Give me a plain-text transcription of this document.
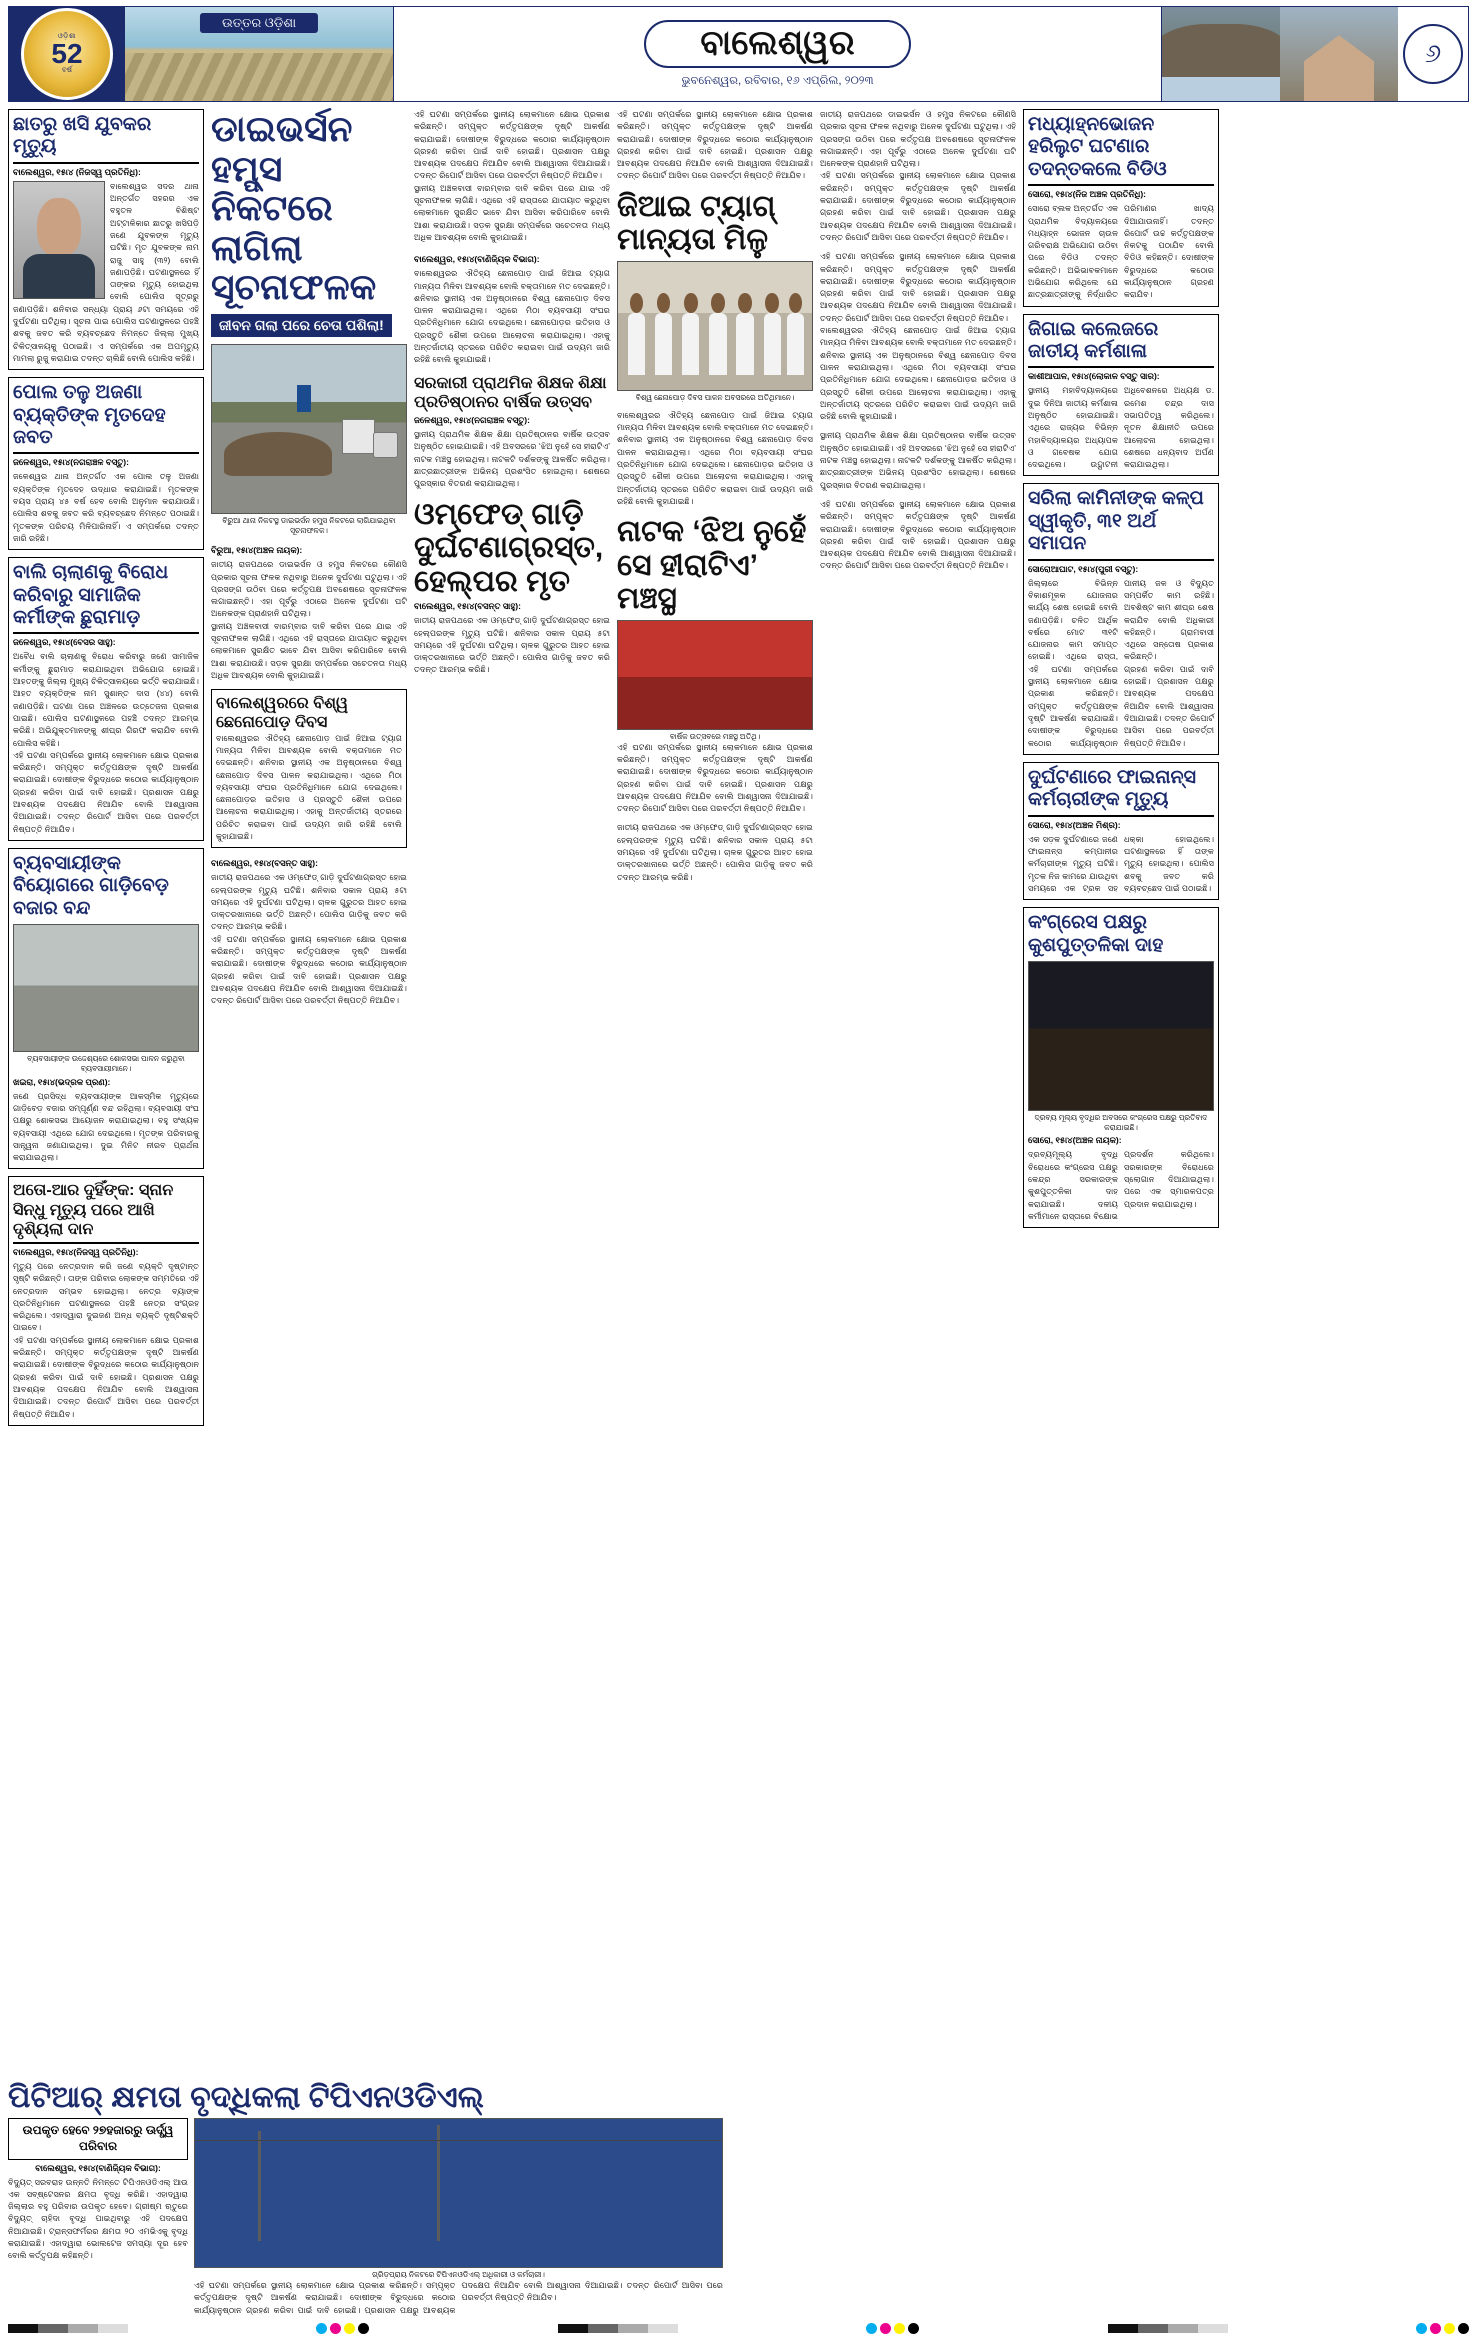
ଓଡ଼ିଶା
52
ବର୍ଷ
ଉତ୍ତର ଓଡ଼ିଶା
ବାଲେଶ୍ୱର
ଭୁବନେଶ୍ୱର, ରବିବାର, ୧୬ ଏପ୍ରିଲ, ୨୦୨୩
୬
ଛାତରୁ ଖସି ଯୁବକର ମୃତ୍ୟୁ
ବାଲେଶ୍ୱର, ୧୫ା୪ (ନିଜସ୍ୱ ପ୍ରତିନିଧି):
ବାଲେଶ୍ୱର ସଦର ଥାନା ଅନ୍ତର୍ଗତ ସହରର ଏକ ବହୁତଳ ବିଶିଷ୍ଟ ଅଟ୍ଟାଳିକାର ଛାତରୁ ଖସିପଡ଼ି ଜଣେ ଯୁବକଙ୍କ ମୃତ୍ୟୁ ଘଟିଛି। ମୃତ ଯୁବକଙ୍କ ନାମ ରାଜୁ ସାହୁ (୩୨) ବୋଲି ଜଣାପଡ଼ିଛି। ଘଟଣାସ୍ଥଳରେ ହିଁ ତାଙ୍କର ମୃତ୍ୟୁ ହୋଇଥିଲା ବୋଲି ପୋଲିସ ସୂତ୍ରରୁ ଜଣାପଡ଼ିଛି। ଶନିବାର ସନ୍ଧ୍ୟା ପ୍ରାୟ ୬ଟା ସମୟରେ ଏହି ଦୁର୍ଘଟଣା ଘଟିଥିଲା। ସୂଚନା ପାଇ ପୋଲିସ ଘଟଣାସ୍ଥଳରେ ପହଞ୍ଚି ଶବକୁ ଜବତ କରି ବ୍ୟବଚ୍ଛେଦ ନିମନ୍ତେ ଜିଲ୍ଲା ମୁଖ୍ୟ ଚିକିତ୍ସାଳୟକୁ ପଠାଇଛି। ଏ ସମ୍ପର୍କରେ ଏକ ଅପମୃତ୍ୟୁ ମାମଲା ରୁଜୁ କରାଯାଇ ତଦନ୍ତ ଚାଲିଛି ବୋଲି ପୋଲିସ କହିଛି।
ପୋଲ ତଳୁ ଅଜଣା ବ୍ୟକ୍ତିଙ୍କ ମୃତଦେହ ଜବତ
ଜଳେଶ୍ୱର, ୧୫ା୪(ନଗରାଞ୍ଚଳ ବସ୍ତୁ):
ଜଳେଶ୍ୱର ଥାନା ଅନ୍ତର୍ଗତ ଏକ ପୋଲ ତଳୁ ଅଜଣା ବ୍ୟକ୍ତିଙ୍କ ମୃତଦେହ ଉଦ୍ଧାର କରାଯାଇଛି। ମୃତକଙ୍କ ବୟସ ପ୍ରାୟ ୪୫ ବର୍ଷ ହେବ ବୋଲି ଅନୁମାନ କରାଯାଉଛି। ପୋଲିସ ଶବକୁ ଜବତ କରି ବ୍ୟବଚ୍ଛେଦ ନିମନ୍ତେ ପଠାଇଛି। ମୃତକଙ୍କ ପରିଚୟ ମିଳିପାରିନାହିଁ। ଏ ସମ୍ପର୍କରେ ତଦନ୍ତ ଜାରି ରହିଛି।
ବାଲି ଚାଲାଣକୁ ବିରୋଧ କରିବାରୁ ସାମାଜିକ କର୍ମୀଙ୍କ ଛୁରାମାଡ଼
ଜଳେଶ୍ୱର, ୧୫ା୪(ବେସର ସାହୁ):
ଅବୈଧ ବାଲି ଚାଲାଣକୁ ବିରୋଧ କରିବାରୁ ଜଣେ ସାମାଜିକ କର୍ମୀଙ୍କୁ ଛୁରାମାଡ଼ କରାଯାଇଥିବା ଅଭିଯୋଗ ହୋଇଛି। ଆହତଙ୍କୁ ଜିଲ୍ଲା ମୁଖ୍ୟ ଚିକିତ୍ସାଳୟରେ ଭର୍ତ୍ତି କରାଯାଇଛି। ଆହତ ବ୍ୟକ୍ତିଙ୍କ ନାମ ସୁଶାନ୍ତ ଦାସ (୪୪) ବୋଲି ଜଣାପଡ଼ିଛି। ଘଟଣା ପରେ ଅଞ୍ଚଳରେ ଉତ୍ତେଜନା ପ୍ରକାଶ ପାଇଛି। ପୋଲିସ ଘଟଣାସ୍ଥଳରେ ପହଞ୍ଚି ତଦନ୍ତ ଆରମ୍ଭ କରିଛି। ଅଭିଯୁକ୍ତମାନଙ୍କୁ ଶୀଘ୍ର ଗିରଫ କରାଯିବ ବୋଲି ପୋଲିସ କହିଛି।
ଏହି ଘଟଣା ସମ୍ପର୍କରେ ସ୍ଥାନୀୟ ଲୋକମାନେ କ୍ଷୋଭ ପ୍ରକାଶ କରିଛନ୍ତି। ସମ୍ପୃକ୍ତ କର୍ତ୍ତୃପକ୍ଷଙ୍କ ଦୃଷ୍ଟି ଆକର୍ଷଣ କରାଯାଇଛି। ଦୋଷୀଙ୍କ ବିରୁଦ୍ଧରେ କଠୋର କାର୍ଯ୍ୟାନୁଷ୍ଠାନ ଗ୍ରହଣ କରିବା ପାଇଁ ଦାବି ହୋଇଛି। ପ୍ରଶାସନ ପକ୍ଷରୁ ଆବଶ୍ୟକ ପଦକ୍ଷେପ ନିଆଯିବ ବୋଲି ଆଶ୍ୱାସନା ଦିଆଯାଇଛି। ତଦନ୍ତ ରିପୋର୍ଟ ଆସିବା ପରେ ପରବର୍ତ୍ତୀ ନିଷ୍ପତ୍ତି ନିଆଯିବ।
ବ୍ୟବସାୟୀଙ୍କ ବିୟୋଗରେ ଗାଡ଼ିବେଡ଼ ବଜାର ବନ୍ଦ
ବ୍ୟବସାୟୀଙ୍କ ଉଦ୍ଦେଶ୍ୟରେ ଶୋକସଭା ପାଳନ କରୁଥିବା ବ୍ୟବସାୟୀମାନେ।
ଖଇରା, ୧୫ା୪(ଭଦ୍ରକ ପ୍ରଣ):
ଜଣେ ପ୍ରସିଦ୍ଧ ବ୍ୟବସାୟୀଙ୍କ ଆକସ୍ମିକ ମୃତ୍ୟୁରେ ଗାଡ଼ିବେଡ଼ ବଜାର ସମ୍ପୂର୍ଣ୍ଣ ବନ୍ଦ ରହିଥିଲା। ବ୍ୟବସାୟୀ ସଂଘ ପକ୍ଷରୁ ଶୋକସଭା ଆୟୋଜନ କରାଯାଇଥିଲା। ବହୁ ସଂଖ୍ୟକ ବ୍ୟବସାୟୀ ଏଥିରେ ଯୋଗ ଦେଇଥିଲେ। ମୃତଙ୍କ ପରିବାରକୁ ସାନ୍ତ୍ୱନା ଜଣାଯାଇଥିଲା। ଦୁଇ ମିନିଟ ନୀରବ ପ୍ରାର୍ଥନା କରାଯାଇଥିଲା।
ଅତୋ-ଆର ଦୁହିଁଙ୍କ: ସ୍ନାନ ସିନ୍ଧୁ ମୃତ୍ୟୁ ପରେ ଆଖି ଦୃଶ୍ୟିଲା ଦାନ
ବାଲେଶ୍ୱର, ୧୫ା୪(ନିଜସ୍ୱ ପ୍ରତିନିଧି):
ମୃତ୍ୟୁ ପରେ ନେତ୍ରଦାନ କରି ଜଣେ ବ୍ୟକ୍ତି ଦୃଷ୍ଟାନ୍ତ ସୃଷ୍ଟି କରିଛନ୍ତି। ତାଙ୍କ ପରିବାର ଲୋକଙ୍କ ସମ୍ମତିରେ ଏହି ନେତ୍ରଦାନ ସମ୍ଭବ ହୋଇଥିଲା। ନେତ୍ର ବ୍ୟାଙ୍କ ପ୍ରତିନିଧିମାନେ ଘଟଣାସ୍ଥଳରେ ପହଞ୍ଚି ନେତ୍ର ସଂଗ୍ରହ କରିଥିଲେ। ଏହାଦ୍ୱାରା ଦୁଇଜଣ ଅନ୍ଧ ବ୍ୟକ୍ତି ଦୃଷ୍ଟିଶକ୍ତି ପାଇବେ।
ଏହି ଘଟଣା ସମ୍ପର୍କରେ ସ୍ଥାନୀୟ ଲୋକମାନେ କ୍ଷୋଭ ପ୍ରକାଶ କରିଛନ୍ତି। ସମ୍ପୃକ୍ତ କର୍ତ୍ତୃପକ୍ଷଙ୍କ ଦୃଷ୍ଟି ଆକର୍ଷଣ କରାଯାଇଛି। ଦୋଷୀଙ୍କ ବିରୁଦ୍ଧରେ କଠୋର କାର୍ଯ୍ୟାନୁଷ୍ଠାନ ଗ୍ରହଣ କରିବା ପାଇଁ ଦାବି ହୋଇଛି। ପ୍ରଶାସନ ପକ୍ଷରୁ ଆବଶ୍ୟକ ପଦକ୍ଷେପ ନିଆଯିବ ବୋଲି ଆଶ୍ୱାସନା ଦିଆଯାଇଛି। ତଦନ୍ତ ରିପୋର୍ଟ ଆସିବା ପରେ ପରବର୍ତ୍ତୀ ନିଷ୍ପତ୍ତି ନିଆଯିବ।
ଡାଇଭର୍ସନ ହମ୍ପ୍ସ ନିକଟରେ ଲାଗିଲା ସୂଚନାଫଳକ
ଜୀବନ ଗଲା ପରେ ଚେତା ପଶିଲା!
ବିରୁଆ ଥାନା ନିକଟସ୍ଥ ଡାଇଭର୍ସନ ହମ୍ପ୍ସ ନିକଟରେ ଲାଗିଯାଇଥିବା ସୂଚନାଫଳକ।
ବିରୁଆ, ୧୫ା୪(ଅଞ୍ଚଳ ନାୟକ):
ଜାତୀୟ ରାଜପଥରେ ଡାଇଭର୍ସନ ଓ ହମ୍ପ୍ସ ନିକଟରେ କୌଣସି ପ୍ରକାର ସୂଚନା ଫଳକ ନଥିବାରୁ ଅନେକ ଦୁର୍ଘଟଣା ଘଟୁଥିଲା। ଏହି ପ୍ରସଙ୍ଗ ଉଠିବା ପରେ କର୍ତ୍ତୃପକ୍ଷ ଅବଶେଷରେ ସୂଚନାଫଳକ ଲଗାଇଛନ୍ତି। ଏହା ପୂର୍ବରୁ ଏଠାରେ ଅନେକ ଦୁର୍ଘଟଣା ଘଟି ଅନେକଙ୍କ ପ୍ରାଣହାନି ଘଟିଥିଲା।
ସ୍ଥାନୀୟ ଅଞ୍ଚଳବାସୀ ବାରମ୍ବାର ଦାବି କରିବା ପରେ ଯାଇ ଏହି ସୂଚନାଫଳକ ଲାଗିଛି। ଏଥିରେ ଏହି ରାସ୍ତାରେ ଯାତାୟାତ କରୁଥିବା ଲୋକମାନେ ସୁରକ୍ଷିତ ଭାବେ ଯିବା ଆସିବା କରିପାରିବେ ବୋଲି ଆଶା କରାଯାଉଛି। ସଡ଼କ ସୁରକ୍ଷା ସମ୍ପର୍କରେ ସଚେତନତା ମଧ୍ୟ ଅଧିକ ଆବଶ୍ୟକ ବୋଲି କୁହାଯାଇଛି।
ବାଲେଶ୍ୱରରେ ବିଶ୍ୱ ଛେନୋପୋଡ଼ ଦିବସ
ବାଲେଶ୍ୱରର ଐତିହ୍ୟ ଛେନାପୋଡ଼ ପାଇଁ ଜିଆଇ ଟ୍ୟାଗ ମାନ୍ୟତା ମିଳିବା ଆବଶ୍ୟକ ବୋଲି ବକ୍ତାମାନେ ମତ ଦେଇଛନ୍ତି। ଶନିବାର ସ୍ଥାନୀୟ ଏକ ଅନୁଷ୍ଠାନରେ ବିଶ୍ୱ ଛେନାପୋଡ଼ ଦିବସ ପାଳନ କରାଯାଇଥିଲା। ଏଥିରେ ମିଠା ବ୍ୟବସାୟୀ ସଂଘର ପ୍ରତିନିଧିମାନେ ଯୋଗ ଦେଇଥିଲେ। ଛେନାପୋଡ଼ର ଇତିହାସ ଓ ପ୍ରସ୍ତୁତି ଶୈଳୀ ଉପରେ ଆଲୋଚନା କରାଯାଇଥିଲା। ଏହାକୁ ଅନ୍ତର୍ଜାତୀୟ ସ୍ତରରେ ପରିଚିତ କରାଇବା ପାଇଁ ଉଦ୍ୟମ ଜାରି ରହିଛି ବୋଲି କୁହାଯାଇଛି।
ବାଲେଶ୍ୱର, ୧୫ା୪(ବସନ୍ତ ସାହୁ):
ଜାତୀୟ ରାଜପଥରେ ଏକ ଓମ୍ଫେଡ୍ ଗାଡ଼ି ଦୁର୍ଘଟଣାଗ୍ରସ୍ତ ହୋଇ ହେଲ୍ପରଙ୍କ ମୃତ୍ୟୁ ଘଟିଛି। ଶନିବାର ସକାଳ ପ୍ରାୟ ୫ଟା ସମୟରେ ଏହି ଦୁର୍ଘଟଣା ଘଟିଥିଲା। ଚାଳକ ଗୁରୁତର ଆହତ ହୋଇ ଡାକ୍ତରଖାନାରେ ଭର୍ତ୍ତି ଅଛନ୍ତି। ପୋଲିସ ଗାଡ଼ିକୁ ଜବତ କରି ତଦନ୍ତ ଆରମ୍ଭ କରିଛି।
ଏହି ଘଟଣା ସମ୍ପର୍କରେ ସ୍ଥାନୀୟ ଲୋକମାନେ କ୍ଷୋଭ ପ୍ରକାଶ କରିଛନ୍ତି। ସମ୍ପୃକ୍ତ କର୍ତ୍ତୃପକ୍ଷଙ୍କ ଦୃଷ୍ଟି ଆକର୍ଷଣ କରାଯାଇଛି। ଦୋଷୀଙ୍କ ବିରୁଦ୍ଧରେ କଠୋର କାର୍ଯ୍ୟାନୁଷ୍ଠାନ ଗ୍ରହଣ କରିବା ପାଇଁ ଦାବି ହୋଇଛି। ପ୍ରଶାସନ ପକ୍ଷରୁ ଆବଶ୍ୟକ ପଦକ୍ଷେପ ନିଆଯିବ ବୋଲି ଆଶ୍ୱାସନା ଦିଆଯାଇଛି। ତଦନ୍ତ ରିପୋର୍ଟ ଆସିବା ପରେ ପରବର୍ତ୍ତୀ ନିଷ୍ପତ୍ତି ନିଆଯିବ।
ଏହି ଘଟଣା ସମ୍ପର୍କରେ ସ୍ଥାନୀୟ ଲୋକମାନେ କ୍ଷୋଭ ପ୍ରକାଶ କରିଛନ୍ତି। ସମ୍ପୃକ୍ତ କର୍ତ୍ତୃପକ୍ଷଙ୍କ ଦୃଷ୍ଟି ଆକର୍ଷଣ କରାଯାଇଛି। ଦୋଷୀଙ୍କ ବିରୁଦ୍ଧରେ କଠୋର କାର୍ଯ୍ୟାନୁଷ୍ଠାନ ଗ୍ରହଣ କରିବା ପାଇଁ ଦାବି ହୋଇଛି। ପ୍ରଶାସନ ପକ୍ଷରୁ ଆବଶ୍ୟକ ପଦକ୍ଷେପ ନିଆଯିବ ବୋଲି ଆଶ୍ୱାସନା ଦିଆଯାଇଛି। ତଦନ୍ତ ରିପୋର୍ଟ ଆସିବା ପରେ ପରବର୍ତ୍ତୀ ନିଷ୍ପତ୍ତି ନିଆଯିବ।
ସ୍ଥାନୀୟ ଅଞ୍ଚଳବାସୀ ବାରମ୍ବାର ଦାବି କରିବା ପରେ ଯାଇ ଏହି ସୂଚନାଫଳକ ଲାଗିଛି। ଏଥିରେ ଏହି ରାସ୍ତାରେ ଯାତାୟାତ କରୁଥିବା ଲୋକମାନେ ସୁରକ୍ଷିତ ଭାବେ ଯିବା ଆସିବା କରିପାରିବେ ବୋଲି ଆଶା କରାଯାଉଛି। ସଡ଼କ ସୁରକ୍ଷା ସମ୍ପର୍କରେ ସଚେତନତା ମଧ୍ୟ ଅଧିକ ଆବଶ୍ୟକ ବୋଲି କୁହାଯାଇଛି।
ବାଲେଶ୍ୱର, ୧୫ା୪(ବାଣିଜ୍ୟିକ ବିଭାଗ):
ବାଲେଶ୍ୱରର ଐତିହ୍ୟ ଛେନାପୋଡ଼ ପାଇଁ ଜିଆଇ ଟ୍ୟାଗ ମାନ୍ୟତା ମିଳିବା ଆବଶ୍ୟକ ବୋଲି ବକ୍ତାମାନେ ମତ ଦେଇଛନ୍ତି। ଶନିବାର ସ୍ଥାନୀୟ ଏକ ଅନୁଷ୍ଠାନରେ ବିଶ୍ୱ ଛେନାପୋଡ଼ ଦିବସ ପାଳନ କରାଯାଇଥିଲା। ଏଥିରେ ମିଠା ବ୍ୟବସାୟୀ ସଂଘର ପ୍ରତିନିଧିମାନେ ଯୋଗ ଦେଇଥିଲେ। ଛେନାପୋଡ଼ର ଇତିହାସ ଓ ପ୍ରସ୍ତୁତି ଶୈଳୀ ଉପରେ ଆଲୋଚନା କରାଯାଇଥିଲା। ଏହାକୁ ଅନ୍ତର୍ଜାତୀୟ ସ୍ତରରେ ପରିଚିତ କରାଇବା ପାଇଁ ଉଦ୍ୟମ ଜାରି ରହିଛି ବୋଲି କୁହାଯାଇଛି।
ସରକାରୀ ପ୍ରାଥମିକ ଶିକ୍ଷକ ଶିକ୍ଷା ପ୍ରତିଷ୍ଠାନର ବାର୍ଷିକ ଉତ୍ସବ
ଜଳେଶ୍ୱର, ୧୫ା୪(ନଗରାଞ୍ଚଳ ବସ୍ତୁ):
ସ୍ଥାନୀୟ ପ୍ରାଥମିକ ଶିକ୍ଷକ ଶିକ୍ଷା ପ୍ରତିଷ୍ଠାନର ବାର୍ଷିକ ଉତ୍ସବ ଅନୁଷ୍ଠିତ ହୋଇଯାଇଛି। ଏହି ଅବସରରେ ‘ଝିଅ ନୁହେଁ ସେ ହୀରାଟିଏ’ ନାଟକ ମଞ୍ଚସ୍ଥ ହୋଇଥିଲା। ନାଟକଟି ଦର୍ଶକଙ୍କୁ ଆକର୍ଷିତ କରିଥିଲା। ଛାତ୍ରଛାତ୍ରୀଙ୍କ ଅଭିନୟ ପ୍ରଶଂସିତ ହୋଇଥିଲା। ଶେଷରେ ପୁରସ୍କାର ବିତରଣ କରାଯାଇଥିଲା।
ଓମ୍ଫେଡ୍ ଗାଡ଼ି ଦୁର୍ଘଟଣାଗ୍ରସ୍ତ, ହେଲ୍ପର ମୃତ
ବାଲେଶ୍ୱର, ୧୫ା୪(ବସନ୍ତ ସାହୁ):
ଜାତୀୟ ରାଜପଥରେ ଏକ ଓମ୍ଫେଡ୍ ଗାଡ଼ି ଦୁର୍ଘଟଣାଗ୍ରସ୍ତ ହୋଇ ହେଲ୍ପରଙ୍କ ମୃତ୍ୟୁ ଘଟିଛି। ଶନିବାର ସକାଳ ପ୍ରାୟ ୫ଟା ସମୟରେ ଏହି ଦୁର୍ଘଟଣା ଘଟିଥିଲା। ଚାଳକ ଗୁରୁତର ଆହତ ହୋଇ ଡାକ୍ତରଖାନାରେ ଭର୍ତ୍ତି ଅଛନ୍ତି। ପୋଲିସ ଗାଡ଼ିକୁ ଜବତ କରି ତଦନ୍ତ ଆରମ୍ଭ କରିଛି।
ଏହି ଘଟଣା ସମ୍ପର୍କରେ ସ୍ଥାନୀୟ ଲୋକମାନେ କ୍ଷୋଭ ପ୍ରକାଶ କରିଛନ୍ତି। ସମ୍ପୃକ୍ତ କର୍ତ୍ତୃପକ୍ଷଙ୍କ ଦୃଷ୍ଟି ଆକର୍ଷଣ କରାଯାଇଛି। ଦୋଷୀଙ୍କ ବିରୁଦ୍ଧରେ କଠୋର କାର୍ଯ୍ୟାନୁଷ୍ଠାନ ଗ୍ରହଣ କରିବା ପାଇଁ ଦାବି ହୋଇଛି। ପ୍ରଶାସନ ପକ୍ଷରୁ ଆବଶ୍ୟକ ପଦକ୍ଷେପ ନିଆଯିବ ବୋଲି ଆଶ୍ୱାସନା ଦିଆଯାଇଛି। ତଦନ୍ତ ରିପୋର୍ଟ ଆସିବା ପରେ ପରବର୍ତ୍ତୀ ନିଷ୍ପତ୍ତି ନିଆଯିବ।
ଜିଆଇ ଟ୍ୟାଗ୍ ମାନ୍ୟତା ମିଳୁ
ବିଶ୍ୱ ଛେନାପୋଡ଼ ଦିବସ ପାଳନ ଅବସରରେ ଅତିଥିମାନେ।
ବାଲେଶ୍ୱରର ଐତିହ୍ୟ ଛେନାପୋଡ଼ ପାଇଁ ଜିଆଇ ଟ୍ୟାଗ ମାନ୍ୟତା ମିଳିବା ଆବଶ୍ୟକ ବୋଲି ବକ୍ତାମାନେ ମତ ଦେଇଛନ୍ତି। ଶନିବାର ସ୍ଥାନୀୟ ଏକ ଅନୁଷ୍ଠାନରେ ବିଶ୍ୱ ଛେନାପୋଡ଼ ଦିବସ ପାଳନ କରାଯାଇଥିଲା। ଏଥିରେ ମିଠା ବ୍ୟବସାୟୀ ସଂଘର ପ୍ରତିନିଧିମାନେ ଯୋଗ ଦେଇଥିଲେ। ଛେନାପୋଡ଼ର ଇତିହାସ ଓ ପ୍ରସ୍ତୁତି ଶୈଳୀ ଉପରେ ଆଲୋଚନା କରାଯାଇଥିଲା। ଏହାକୁ ଅନ୍ତର୍ଜାତୀୟ ସ୍ତରରେ ପରିଚିତ କରାଇବା ପାଇଁ ଉଦ୍ୟମ ଜାରି ରହିଛି ବୋଲି କୁହାଯାଇଛି।
ନାଟକ ‘ଝିଅ ନୁହେଁ ସେ ହୀରାଟିଏ’ ମଞ୍ଚସ୍ଥ
ବାର୍ଷିକ ଉତ୍ସବରେ ମଞ୍ଚସ୍ଥ ଅତିଥି।
ଏହି ଘଟଣା ସମ୍ପର୍କରେ ସ୍ଥାନୀୟ ଲୋକମାନେ କ୍ଷୋଭ ପ୍ରକାଶ କରିଛନ୍ତି। ସମ୍ପୃକ୍ତ କର୍ତ୍ତୃପକ୍ଷଙ୍କ ଦୃଷ୍ଟି ଆକର୍ଷଣ କରାଯାଇଛି। ଦୋଷୀଙ୍କ ବିରୁଦ୍ଧରେ କଠୋର କାର୍ଯ୍ୟାନୁଷ୍ଠାନ ଗ୍ରହଣ କରିବା ପାଇଁ ଦାବି ହୋଇଛି। ପ୍ରଶାସନ ପକ୍ଷରୁ ଆବଶ୍ୟକ ପଦକ୍ଷେପ ନିଆଯିବ ବୋଲି ଆଶ୍ୱାସନା ଦିଆଯାଇଛି। ତଦନ୍ତ ରିପୋର୍ଟ ଆସିବା ପରେ ପରବର୍ତ୍ତୀ ନିଷ୍ପତ୍ତି ନିଆଯିବ।
ଜାତୀୟ ରାଜପଥରେ ଏକ ଓମ୍ଫେଡ୍ ଗାଡ଼ି ଦୁର୍ଘଟଣାଗ୍ରସ୍ତ ହୋଇ ହେଲ୍ପରଙ୍କ ମୃତ୍ୟୁ ଘଟିଛି। ଶନିବାର ସକାଳ ପ୍ରାୟ ୫ଟା ସମୟରେ ଏହି ଦୁର୍ଘଟଣା ଘଟିଥିଲା। ଚାଳକ ଗୁରୁତର ଆହତ ହୋଇ ଡାକ୍ତରଖାନାରେ ଭର୍ତ୍ତି ଅଛନ୍ତି। ପୋଲିସ ଗାଡ଼ିକୁ ଜବତ କରି ତଦନ୍ତ ଆରମ୍ଭ କରିଛି।
ଜାତୀୟ ରାଜପଥରେ ଡାଇଭର୍ସନ ଓ ହମ୍ପ୍ସ ନିକଟରେ କୌଣସି ପ୍ରକାର ସୂଚନା ଫଳକ ନଥିବାରୁ ଅନେକ ଦୁର୍ଘଟଣା ଘଟୁଥିଲା। ଏହି ପ୍ରସଙ୍ଗ ଉଠିବା ପରେ କର୍ତ୍ତୃପକ୍ଷ ଅବଶେଷରେ ସୂଚନାଫଳକ ଲଗାଇଛନ୍ତି। ଏହା ପୂର୍ବରୁ ଏଠାରେ ଅନେକ ଦୁର୍ଘଟଣା ଘଟି ଅନେକଙ୍କ ପ୍ରାଣହାନି ଘଟିଥିଲା।
ଏହି ଘଟଣା ସମ୍ପର୍କରେ ସ୍ଥାନୀୟ ଲୋକମାନେ କ୍ଷୋଭ ପ୍ରକାଶ କରିଛନ୍ତି। ସମ୍ପୃକ୍ତ କର୍ତ୍ତୃପକ୍ଷଙ୍କ ଦୃଷ୍ଟି ଆକର୍ଷଣ କରାଯାଇଛି। ଦୋଷୀଙ୍କ ବିରୁଦ୍ଧରେ କଠୋର କାର୍ଯ୍ୟାନୁଷ୍ଠାନ ଗ୍ରହଣ କରିବା ପାଇଁ ଦାବି ହୋଇଛି। ପ୍ରଶାସନ ପକ୍ଷରୁ ଆବଶ୍ୟକ ପଦକ୍ଷେପ ନିଆଯିବ ବୋଲି ଆଶ୍ୱାସନା ଦିଆଯାଇଛି। ତଦନ୍ତ ରିପୋର୍ଟ ଆସିବା ପରେ ପରବର୍ତ୍ତୀ ନିଷ୍ପତ୍ତି ନିଆଯିବ।
ଏହି ଘଟଣା ସମ୍ପର୍କରେ ସ୍ଥାନୀୟ ଲୋକମାନେ କ୍ଷୋଭ ପ୍ରକାଶ କରିଛନ୍ତି। ସମ୍ପୃକ୍ତ କର୍ତ୍ତୃପକ୍ଷଙ୍କ ଦୃଷ୍ଟି ଆକର୍ଷଣ କରାଯାଇଛି। ଦୋଷୀଙ୍କ ବିରୁଦ୍ଧରେ କଠୋର କାର୍ଯ୍ୟାନୁଷ୍ଠାନ ଗ୍ରହଣ କରିବା ପାଇଁ ଦାବି ହୋଇଛି। ପ୍ରଶାସନ ପକ୍ଷରୁ ଆବଶ୍ୟକ ପଦକ୍ଷେପ ନିଆଯିବ ବୋଲି ଆଶ୍ୱାସନା ଦିଆଯାଇଛି। ତଦନ୍ତ ରିପୋର୍ଟ ଆସିବା ପରେ ପରବର୍ତ୍ତୀ ନିଷ୍ପତ୍ତି ନିଆଯିବ।
ବାଲେଶ୍ୱରର ଐତିହ୍ୟ ଛେନାପୋଡ଼ ପାଇଁ ଜିଆଇ ଟ୍ୟାଗ ମାନ୍ୟତା ମିଳିବା ଆବଶ୍ୟକ ବୋଲି ବକ୍ତାମାନେ ମତ ଦେଇଛନ୍ତି। ଶନିବାର ସ୍ଥାନୀୟ ଏକ ଅନୁଷ୍ଠାନରେ ବିଶ୍ୱ ଛେନାପୋଡ଼ ଦିବସ ପାଳନ କରାଯାଇଥିଲା। ଏଥିରେ ମିଠା ବ୍ୟବସାୟୀ ସଂଘର ପ୍ରତିନିଧିମାନେ ଯୋଗ ଦେଇଥିଲେ। ଛେନାପୋଡ଼ର ଇତିହାସ ଓ ପ୍ରସ୍ତୁତି ଶୈଳୀ ଉପରେ ଆଲୋଚନା କରାଯାଇଥିଲା। ଏହାକୁ ଅନ୍ତର୍ଜାତୀୟ ସ୍ତରରେ ପରିଚିତ କରାଇବା ପାଇଁ ଉଦ୍ୟମ ଜାରି ରହିଛି ବୋଲି କୁହାଯାଇଛି।
ସ୍ଥାନୀୟ ପ୍ରାଥମିକ ଶିକ୍ଷକ ଶିକ୍ଷା ପ୍ରତିଷ୍ଠାନର ବାର୍ଷିକ ଉତ୍ସବ ଅନୁଷ୍ଠିତ ହୋଇଯାଇଛି। ଏହି ଅବସରରେ ‘ଝିଅ ନୁହେଁ ସେ ହୀରାଟିଏ’ ନାଟକ ମଞ୍ଚସ୍ଥ ହୋଇଥିଲା। ନାଟକଟି ଦର୍ଶକଙ୍କୁ ଆକର୍ଷିତ କରିଥିଲା। ଛାତ୍ରଛାତ୍ରୀଙ୍କ ଅଭିନୟ ପ୍ରଶଂସିତ ହୋଇଥିଲା। ଶେଷରେ ପୁରସ୍କାର ବିତରଣ କରାଯାଇଥିଲା।
ଏହି ଘଟଣା ସମ୍ପର୍କରେ ସ୍ଥାନୀୟ ଲୋକମାନେ କ୍ଷୋଭ ପ୍ରକାଶ କରିଛନ୍ତି। ସମ୍ପୃକ୍ତ କର୍ତ୍ତୃପକ୍ଷଙ୍କ ଦୃଷ୍ଟି ଆକର୍ଷଣ କରାଯାଇଛି। ଦୋଷୀଙ୍କ ବିରୁଦ୍ଧରେ କଠୋର କାର୍ଯ୍ୟାନୁଷ୍ଠାନ ଗ୍ରହଣ କରିବା ପାଇଁ ଦାବି ହୋଇଛି। ପ୍ରଶାସନ ପକ୍ଷରୁ ଆବଶ୍ୟକ ପଦକ୍ଷେପ ନିଆଯିବ ବୋଲି ଆଶ୍ୱାସନା ଦିଆଯାଇଛି। ତଦନ୍ତ ରିପୋର୍ଟ ଆସିବା ପରେ ପରବର୍ତ୍ତୀ ନିଷ୍ପତ୍ତି ନିଆଯିବ।
ମଧ୍ୟାହ୍ନଭୋଜନ ହରିଲୁଟ ଘଟଣାର ତଦନ୍ତକଲେ ବିଡିଓ
ସୋରୋ, ୧୫ା୪(ନିଜ ଅଞ୍ଚଳ ପ୍ରତିନିଧି):
ସୋରୋ ବ୍ଲକ ଅନ୍ତର୍ଗତ ଏକ ପ୍ରାଥମିକ ବିଦ୍ୟାଳୟରେ ମଧ୍ୟାହ୍ନ ଭୋଜନ ଚାଉଳ ଗରିବରାକ୍ଷ ଅଭିଯୋଗ ଉଠିବା ପରେ ବିଡିଓ ତଦନ୍ତ କରିଛନ୍ତି। ଅଭିଭାବକମାନେ ଅଭିଯୋଗ କରିଥିଲେ ଯେ ଛାତ୍ରଛାତ୍ରୀଙ୍କୁ ନିର୍ଦ୍ଧାରିତ ପରିମାଣର ଖାଦ୍ୟ ଦିଆଯାଉନାହିଁ। ତଦନ୍ତ ରିପୋର୍ଟ ଉଚ୍ଚ କର୍ତ୍ତୃପକ୍ଷଙ୍କ ନିକଟକୁ ପଠାଯିବ ବୋଲି ବିଡିଓ କହିଛନ୍ତି। ଦୋଷୀଙ୍କ ବିରୁଦ୍ଧରେ କଠୋର କାର୍ଯ୍ୟାନୁଷ୍ଠାନ ଗ୍ରହଣ କରାଯିବ।
ଜିଗାଇ କଲେଜରେ ଜାତୀୟ କର୍ମଶାଳା
କାଶୀଆପାଳ, ୧୫ା୪(ଲୋକାଳ ବସ୍ତୁ ସାର):
ସ୍ଥାନୀୟ ମହାବିଦ୍ୟାଳୟରେ ଦୁଇ ଦିନିଆ ଜାତୀୟ କର୍ମଶାଳା ଅନୁଷ୍ଠିତ ହୋଇଯାଇଛି। ଏଥିରେ ରାଜ୍ୟର ବିଭିନ୍ନ ମହାବିଦ୍ୟାଳୟର ଅଧ୍ୟାପକ ଓ ଗବେଷକ ଯୋଗ ଦେଇଥିଲେ। ଉଦ୍ଘାଟନୀ ଅଧିବେଶନରେ ଅଧ୍ୟକ୍ଷ ଡ. ରମେଶ ଚନ୍ଦ୍ର ଦାସ ସଭାପତିତ୍ୱ କରିଥିଲେ। ନୂତନ ଶିକ୍ଷାନୀତି ଉପରେ ଆଲୋଚନା ହୋଇଥିଲା। ଶେଷରେ ଧନ୍ୟବାଦ ଅର୍ପଣ କରାଯାଇଥିଲା।
ସରିଲା କାମିନୀଙ୍କ କଳ୍ପ ସ୍ୱୀକୃତି, ୩୧ ଅର୍ଥ ସମାପନ
ସୋରୋଆଘାଟ, ୧୫ା୪(ପୁରୀ ବସ୍ତୁ):
ଜିଲ୍ଲାରେ ବିଭିନ୍ନ ବିକାଶମୂଳକ ଯୋଜନାର କାର୍ଯ୍ୟ ଶେଷ ହୋଇଛି ବୋଲି ଜଣାପଡ଼ିଛି। ଚଳିତ ଆର୍ଥିକ ବର୍ଷରେ ମୋଟ ୩୧ଟି ଯୋଜନାର କାମ ସମାପ୍ତ ହୋଇଛି। ଏଥିରେ ରାସ୍ତା, ପାନୀୟ ଜଳ ଓ ବିଦ୍ୟୁତ ସମ୍ପର୍କିତ କାମ ରହିଛି। ଅବଶିଷ୍ଟ କାମ ଶୀଘ୍ର ଶେଷ କରାଯିବ ବୋଲି ଅଧିକାରୀ କହିଛନ୍ତି। ଗ୍ରାମବାସୀ ଏଥିରେ ସନ୍ତୋଷ ପ୍ରକାଶ କରିଛନ୍ତି।
ଏହି ଘଟଣା ସମ୍ପର୍କରେ ସ୍ଥାନୀୟ ଲୋକମାନେ କ୍ଷୋଭ ପ୍ରକାଶ କରିଛନ୍ତି। ସମ୍ପୃକ୍ତ କର୍ତ୍ତୃପକ୍ଷଙ୍କ ଦୃଷ୍ଟି ଆକର୍ଷଣ କରାଯାଇଛି। ଦୋଷୀଙ୍କ ବିରୁଦ୍ଧରେ କଠୋର କାର୍ଯ୍ୟାନୁଷ୍ଠାନ ଗ୍ରହଣ କରିବା ପାଇଁ ଦାବି ହୋଇଛି। ପ୍ରଶାସନ ପକ୍ଷରୁ ଆବଶ୍ୟକ ପଦକ୍ଷେପ ନିଆଯିବ ବୋଲି ଆଶ୍ୱାସନା ଦିଆଯାଇଛି। ତଦନ୍ତ ରିପୋର୍ଟ ଆସିବା ପରେ ପରବର୍ତ୍ତୀ ନିଷ୍ପତ୍ତି ନିଆଯିବ।
ଦୁର୍ଘଟଣାରେ ଫାଇନାନ୍ସ କର୍ମଚାରୀଙ୍କ ମୃତ୍ୟୁ
ସୋରୋ, ୧୫ା୪(ଅଞ୍ଚଳ ମିଶ୍ର):
ଏକ ସଡ଼କ ଦୁର୍ଘଟଣାରେ ଜଣେ ଫାଇନାନ୍ସ କମ୍ପାନୀର କର୍ମଚାରୀଙ୍କ ମୃତ୍ୟୁ ଘଟିଛି। ମୃତକ ନିଜ କାମରେ ଯାଉଥିବା ସମୟରେ ଏକ ଟ୍ରକ ସହ ଧକ୍କା ହୋଇଥିଲେ। ଘଟଣାସ୍ଥଳରେ ହିଁ ତାଙ୍କ ମୃତ୍ୟୁ ହୋଇଥିଲା। ପୋଲିସ ଶବକୁ ଜବତ କରି ବ୍ୟବଚ୍ଛେଦ ପାଇଁ ପଠାଇଛି।
କଂଗ୍ରେସ ପକ୍ଷରୁ କୁଶପୁତ୍ତଳିକା ଦାହ
ଦ୍ରବ୍ୟ ମୂଲ୍ୟ ବୃଦ୍ଧିର ଅବସରେ କଂଗ୍ରେସ ପକ୍ଷରୁ ପ୍ରତିବାଦ କରାଯାଇଛି।
ସୋରୋ, ୧୫ା୪(ଅଞ୍ଚଳ ନାୟକ):
ଦ୍ରବ୍ୟମୂଲ୍ୟ ବୃଦ୍ଧି ବିରୋଧରେ କଂଗ୍ରେସ ପକ୍ଷରୁ କେନ୍ଦ୍ର ସରକାରଙ୍କ କୁଶପୁତ୍ତଳିକା ଦାହ କରାଯାଇଛି। ଦଳୀୟ କର୍ମୀମାନେ ରାସ୍ତାରେ ବିକ୍ଷୋଭ ପ୍ରଦର୍ଶନ କରିଥିଲେ। ସରକାରଙ୍କ ବିରୋଧରେ ସ୍ଲୋଗାନ ଦିଆଯାଇଥିଲା। ପରେ ଏକ ସ୍ମାରକପତ୍ର ପ୍ରଦାନ କରାଯାଇଥିଲା।
ପିଟିଆର୍ କ୍ଷମତା ବୃଦ୍ଧିକଲା ଟିପିଏନଓଡିଏଲ୍
ଉପକୃତ ହେବେ ୨୭ହଜାରରୁ ଊର୍ଦ୍ଧ୍ୱ ପରିବାର
ବାଲେଶ୍ୱର, ୧୫ା୪(ବାଣିଜ୍ୟିକ ବିଭାଗ):
ବିଦ୍ୟୁତ୍ ସରବରାହ ଉନ୍ନତି ନିମନ୍ତେ ଟିପିଏନଓଡିଏଲ୍ ଆଉ ଏକ ସବ୍‍ଷ୍ଟେସନର କ୍ଷମତା ବୃଦ୍ଧି କରିଛି। ଏହାଦ୍ୱାରା ଜିଲ୍ଲାର ବହୁ ପରିବାର ଉପକୃତ ହେବେ। ଗ୍ରୀଷ୍ମ ଋତୁରେ ବିଦ୍ୟୁତ୍ ଚାହିଦା ବୃଦ୍ଧି ପାଇଥିବାରୁ ଏହି ପଦକ୍ଷେପ ନିଆଯାଇଛି। ଟ୍ରାନ୍ସଫର୍ମରର କ୍ଷମତା ୨୦ ଏମଭିଏକୁ ବୃଦ୍ଧି କରାଯାଇଛି। ଏହାଦ୍ୱାରା ଭୋଲଟେଜ ସମସ୍ୟା ଦୂର ହେବ ବୋଲି କର୍ତ୍ତୃପକ୍ଷ କହିଛନ୍ତି।
ଗ୍ରିଡ଼ପ୍ରାୟ ନିକଟରେ ଟିପିଏନଓଡିଏଲ୍ ଅଧିକାରୀ ଓ କର୍ମଚାରୀ।
ଏହି ଘଟଣା ସମ୍ପର୍କରେ ସ୍ଥାନୀୟ ଲୋକମାନେ କ୍ଷୋଭ ପ୍ରକାଶ କରିଛନ୍ତି। ସମ୍ପୃକ୍ତ କର୍ତ୍ତୃପକ୍ଷଙ୍କ ଦୃଷ୍ଟି ଆକର୍ଷଣ କରାଯାଇଛି। ଦୋଷୀଙ୍କ ବିରୁଦ୍ଧରେ କଠୋର କାର୍ଯ୍ୟାନୁଷ୍ଠାନ ଗ୍ରହଣ କରିବା ପାଇଁ ଦାବି ହୋଇଛି। ପ୍ରଶାସନ ପକ୍ଷରୁ ଆବଶ୍ୟକ ପଦକ୍ଷେପ ନିଆଯିବ ବୋଲି ଆଶ୍ୱାସନା ଦିଆଯାଇଛି। ତଦନ୍ତ ରିପୋର୍ଟ ଆସିବା ପରେ ପରବର୍ତ୍ତୀ ନିଷ୍ପତ୍ତି ନିଆଯିବ।
